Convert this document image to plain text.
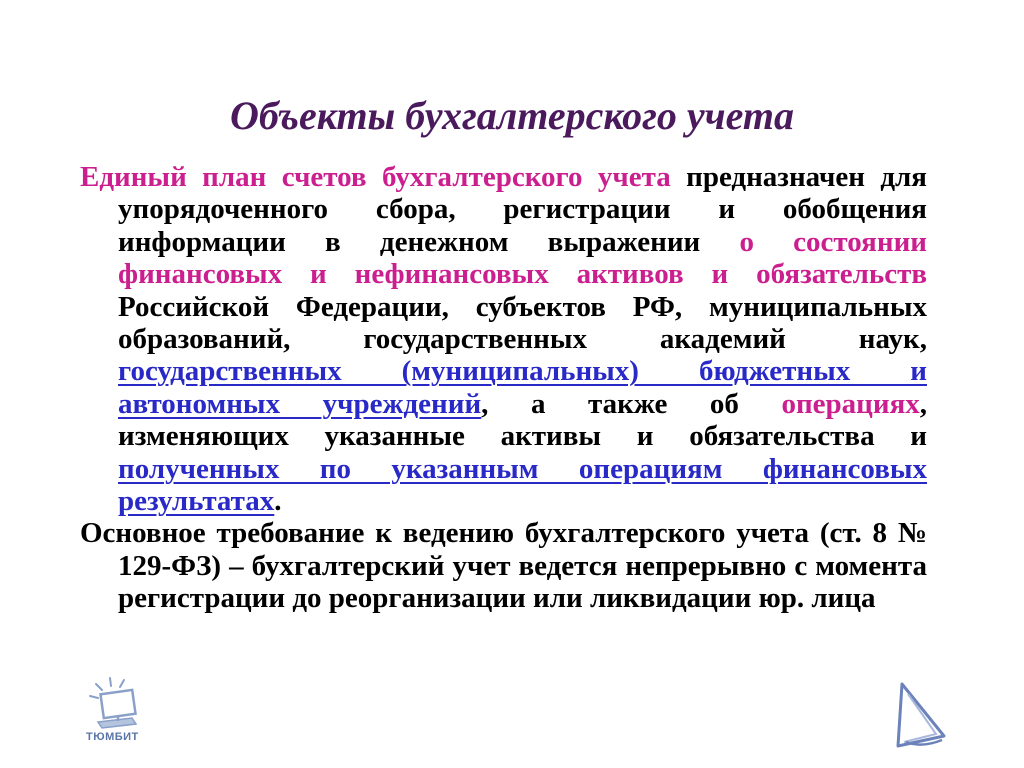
Объекты бухгалтерского учета

Единый план счетов бухгалтерского учета предназначен для упорядоченного сбора, регистрации и обобщения информации в денежном выражении о состоянии финансовых и нефинансовых активов и обязательств Российской Федерации, субъектов РФ, муниципальных образований, государственных академий наук, государственных (муниципальных) бюджетных и автономных учреждений, а также об операциях, изменяющих указанные активы и обязательства и полученных по указанным операциям финансовых результатах.

Основное требование к ведению бухгалтерского учета (ст. 8 № 129-ФЗ) – бухгалтерский учет ведется непрерывно с момента регистрации до реорганизации или ликвидации юр. лица

ТЮМБИТ
